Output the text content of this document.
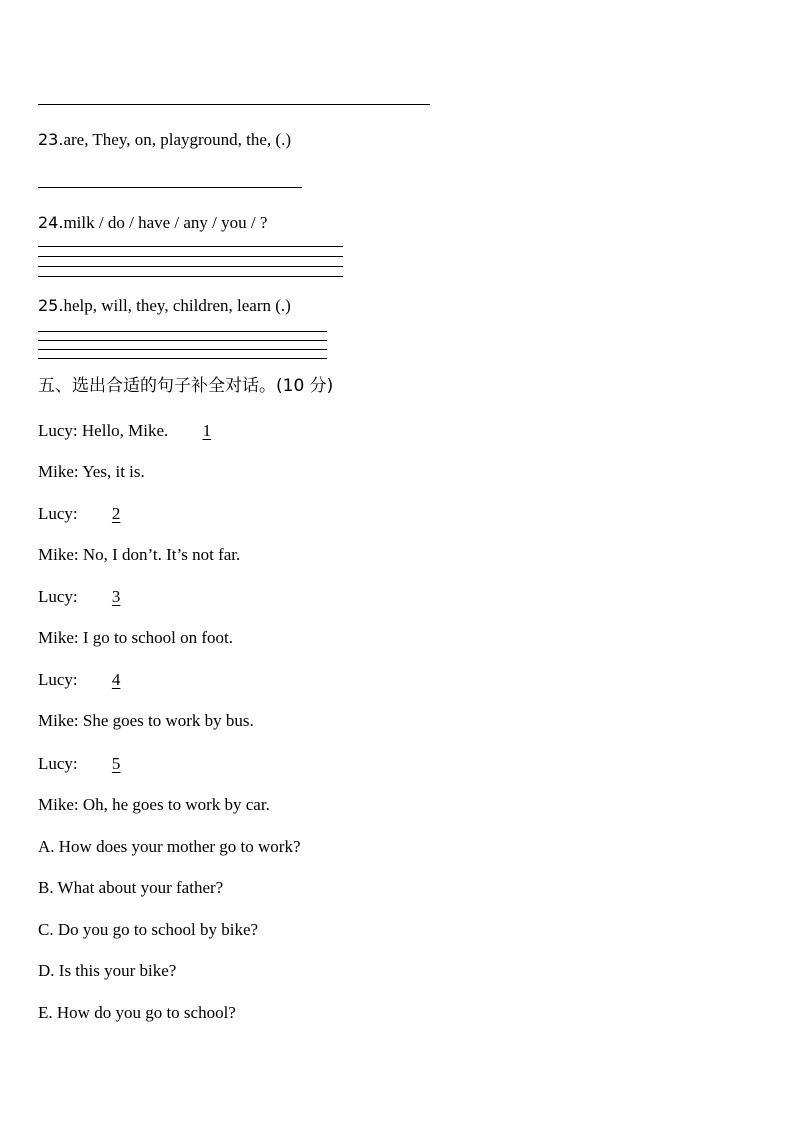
23.are, They, on, playground, the, (.)
24.milk / do / have / any / you / ?
25.help, will, they, children, learn (.)
五、选出合适的句子补全对话。(10 分)
Lucy: Hello, Mike. 1
Mike: Yes, it is.
Lucy: 2
Mike: No, I don’t. It’s not far.
Lucy: 3
Mike: I go to school on foot.
Lucy: 4
Mike: She goes to work by bus.
Lucy: 5
Mike: Oh, he goes to work by car.
A. How does your mother go to work?
B. What about your father?
C. Do you go to school by bike?
D. Is this your bike?
E. How do you go to school?
